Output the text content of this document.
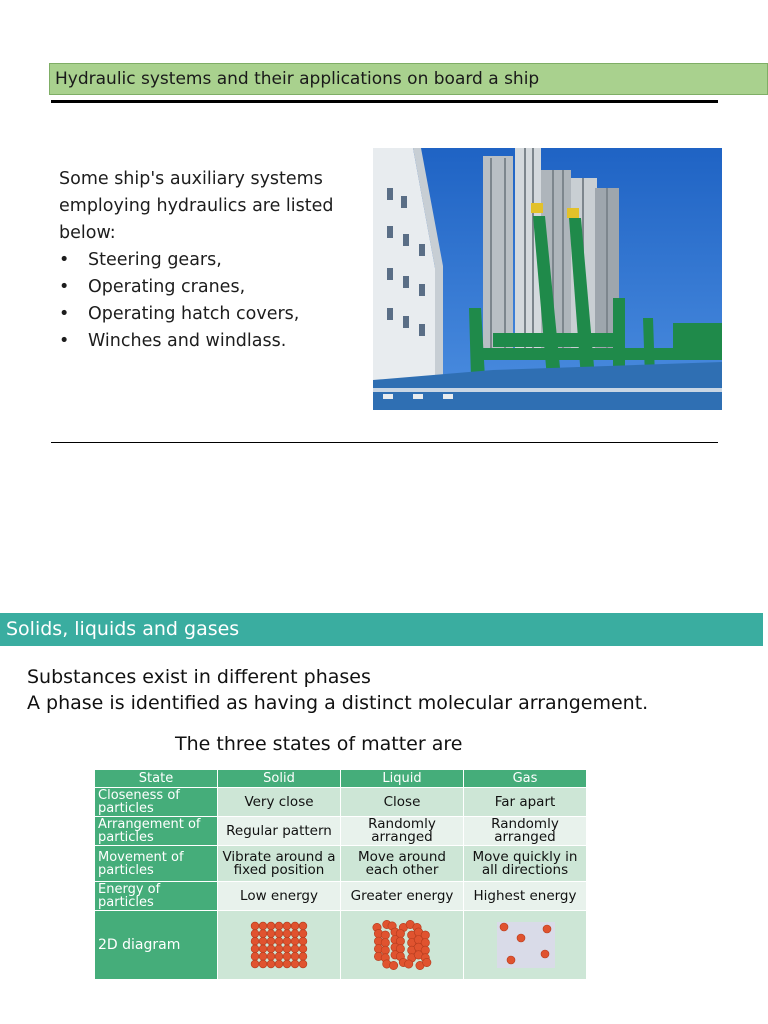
Hydraulic systems and their applications on board a ship
Some ship's auxiliary systems employing hydraulics are listed below:
• Steering gears,
• Operating cranes,
• Operating hatch covers,
• Winches and windlass.
Solids, liquids and gases
Substances exist in different phases
A phase is identified as having a distinct molecular arrangement.
The three states of matter are
State	Solid	Liquid	Gas
Closeness of particles	Very close	Close	Far apart
Arrangement of particles	Regular pattern	Randomly arranged	Randomly arranged
Movement of particles	Vibrate around a fixed position	Move around each other	Move quickly in all directions
Energy of particles	Low energy	Greater energy	Highest energy
2D diagram	
